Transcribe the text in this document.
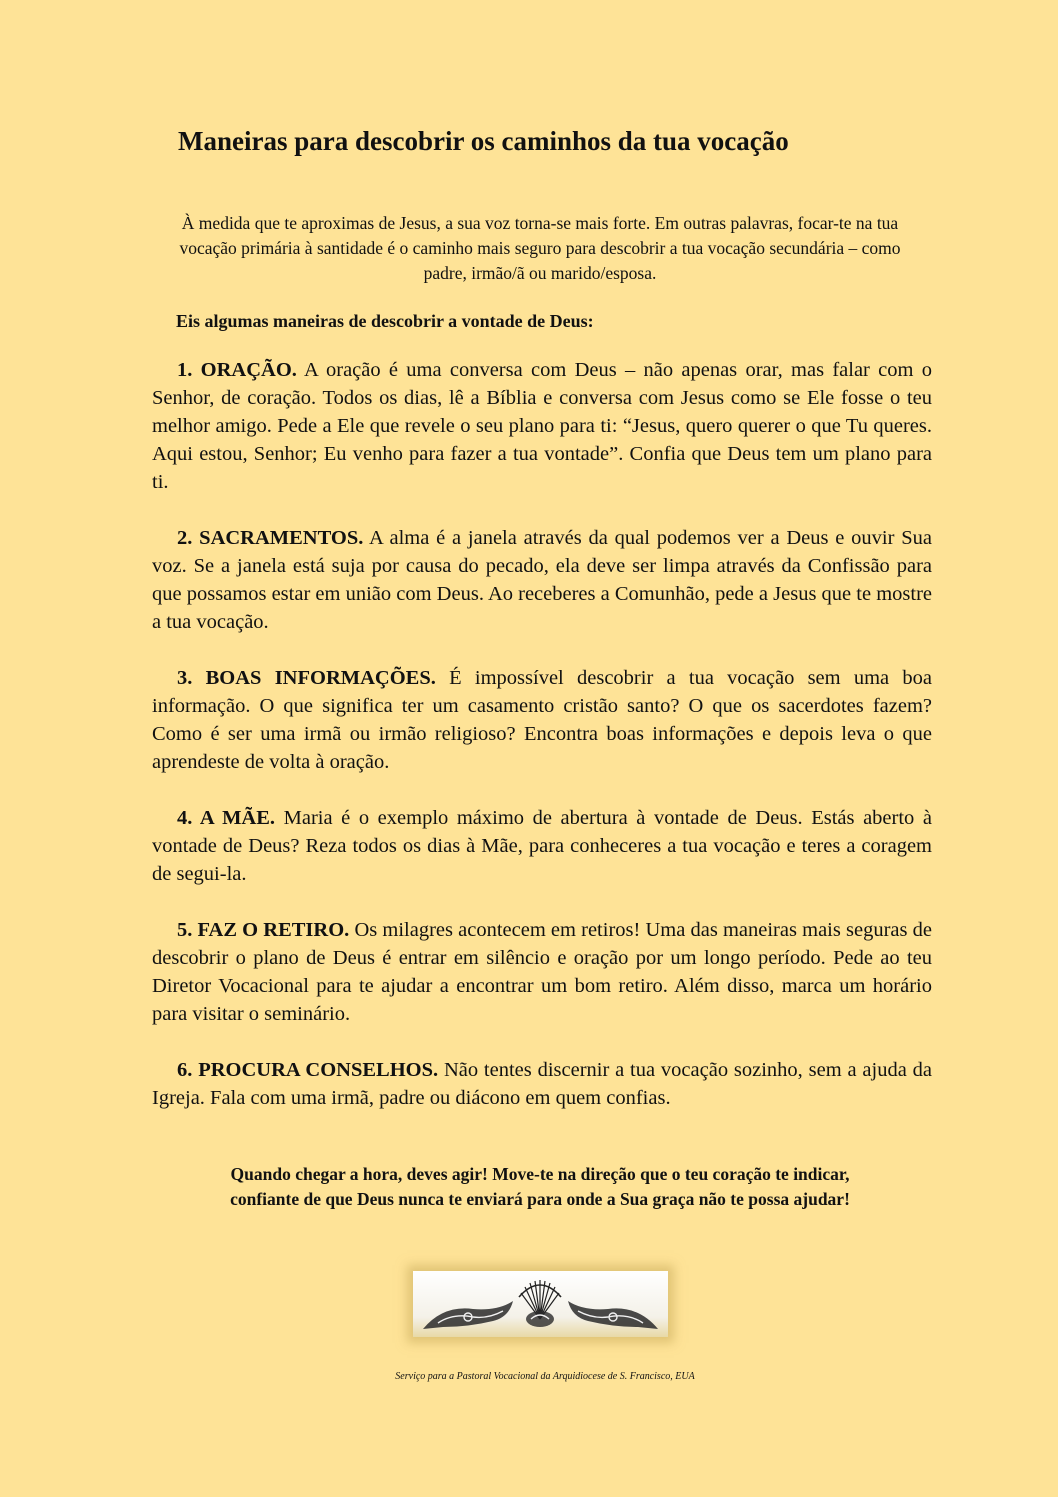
Maneiras para descobrir os caminhos da tua vocação
À medida que te aproximas de Jesus, a sua voz torna-se mais forte. Em outras palavras, focar-te na tua vocação primária à santidade é o caminho mais seguro para descobrir a tua vocação secundária – como padre, irmão/ã ou marido/esposa.
Eis algumas maneiras de descobrir a vontade de Deus:
1. ORAÇÃO. A oração é uma conversa com Deus – não apenas orar, mas falar com o Senhor, de coração. Todos os dias, lê a Bíblia e conversa com Jesus como se Ele fosse o teu melhor amigo. Pede a Ele que revele o seu plano para ti: “Jesus, quero querer o que Tu queres. Aqui estou, Senhor; Eu venho para fazer a tua vontade”. Confia que Deus tem um plano para ti.
2. SACRAMENTOS. A alma é a janela através da qual podemos ver a Deus e ouvir Sua voz. Se a janela está suja por causa do pecado, ela deve ser limpa através da Confissão para que possamos estar em união com Deus. Ao receberes a Comunhão, pede a Jesus que te mostre a tua vocação.
3. BOAS INFORMAÇÕES. É impossível descobrir a tua vocação sem uma boa informação. O que significa ter um casamento cristão santo? O que os sacerdotes fazem? Como é ser uma irmã ou irmão religioso? Encontra boas informações e depois leva o que aprendeste de volta à oração.
4. A MÃE. Maria é o exemplo máximo de abertura à vontade de Deus. Estás aberto à vontade de Deus? Reza todos os dias à Mãe, para conheceres a tua vocação e teres a coragem de segui-la.
5. FAZ O RETIRO. Os milagres acontecem em retiros! Uma das maneiras mais seguras de descobrir o plano de Deus é entrar em silêncio e oração por um longo período. Pede ao teu Diretor Vocacional para te ajudar a encontrar um bom retiro. Além disso, marca um horário para visitar o seminário.
6. PROCURA CONSELHOS. Não tentes discernir a tua vocação sozinho, sem a ajuda da Igreja. Fala com uma irmã, padre ou diácono em quem confias.
Quando chegar a hora, deves agir! Move-te na direção que o teu coração te indicar,
confiante de que Deus nunca te enviará para onde a Sua graça não te possa ajudar!
Serviço para a Pastoral Vocacional da Arquidiocese de S. Francisco, EUA
